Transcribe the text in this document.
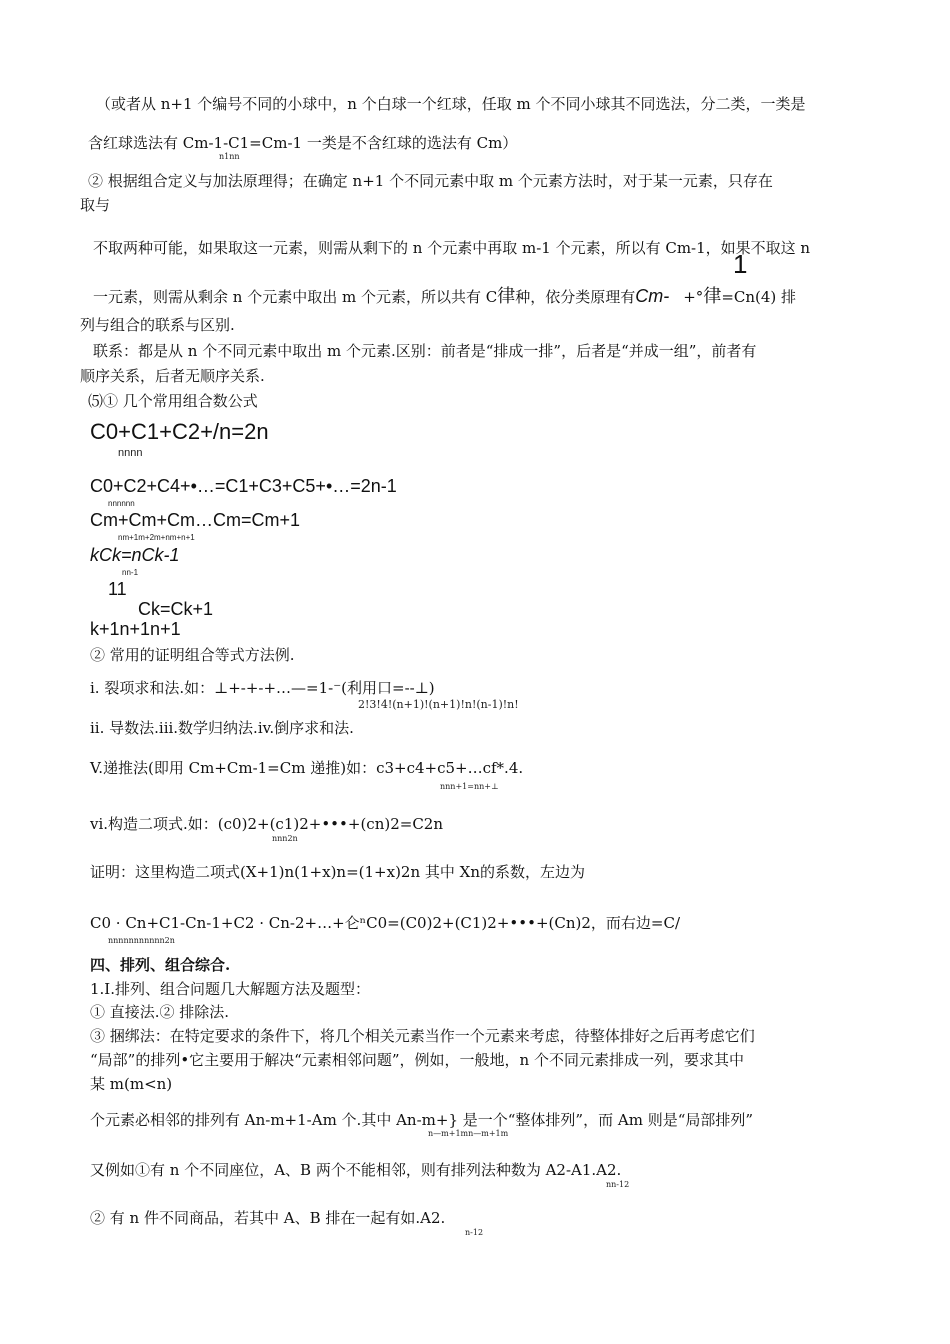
（或者从 n+1 个编号不同的小球中，n 个白球一个红球，任取 m 个不同小球其不同选法，分二类，一类是
含红球选法有 Cm-1-C1=Cm-1 一类是不含红球的选法有 Cm）
n1nn
② 根据组合定义与加法原理得；在确定 n+1 个不同元素中取 m 个元素方法时，对于某一元素，只存在
取与
不取两种可能，如果取这一元素，则需从剩下的 n 个元素中再取 m-1 个元素，所以有 Cm-1，如果不取这 n
1
一元素，则需从剩余 n 个元素中取出 m 个元素，所以共有 C律种，依分类原理有Cm- +°律=Cn(4) 排
列与组合的联系与区别.
联系：都是从 n 个不同元素中取出 m 个元素.区别：前者是“排成一排”，后者是“并成一组”，前者有
顺序关系，后者无顺序关系.
⑸① 几个常用组合数公式
C0+C1+C2+/n=2n
nnnn
C0+C2+C4+•…=C1+C3+C5+•…=2n-1
nnnnnn
Cm+Cm+Cm…Cm=Cm+1
nm+1m+2m+nm+n+1
kCk=nCk-1
nn-1
11
Ck=Ck+1
k+1n+1n+1
② 常用的证明组合等式方法例.
i. 裂项求和法.如：⊥+-+-+…—=1-⁻(利用口=--⊥)
2!3!4!(n+1)!(n+1)!n!(n-1)!n!
ii. 导数法.iii.数学归纳法.iv.倒序求和法.
V.递推法(即用 Cm+Cm-1=Cm 递推)如：c3+c4+c5+…cf*.4.
nnn+1=nn+⊥
vi.构造二项式.如：(c0)2+(c1)2+•••+(cn)2=C2n
nnn2n
证明：这里构造二项式(X+1)n(1+x)n=(1+x)2n 其中 Xn的系数，左边为
C0 · Cn+C1-Cn-1+C2 · Cn-2+…+仑ⁿC0=(C0)2+(C1)2+•••+(Cn)2，而右边=C/
nnnnnnnnnnn2n
四、排列、组合综合.
1.I.排列、组合问题几大解题方法及题型：
① 直接法.② 排除法.
③ 捆绑法：在特定要求的条件下，将几个相关元素当作一个元素来考虑，待整体排好之后再考虑它们
“局部”的排列•它主要用于解决“元素相邻问题”，例如，一般地，n 个不同元素排成一列，要求其中
某 m(m<n)
个元素必相邻的排列有 An-m+1-Am 个.其中 An-m+} 是一个“整体排列”，而 Am 则是“局部排列”
n—m+1mn—m+1m
又例如①有 n 个不同座位，A、B 两个不能相邻，则有排列法种数为 A2-A1.A2.
nn-12
② 有 n 件不同商品，若其中 A、B 排在一起有如.A2.
n-12
